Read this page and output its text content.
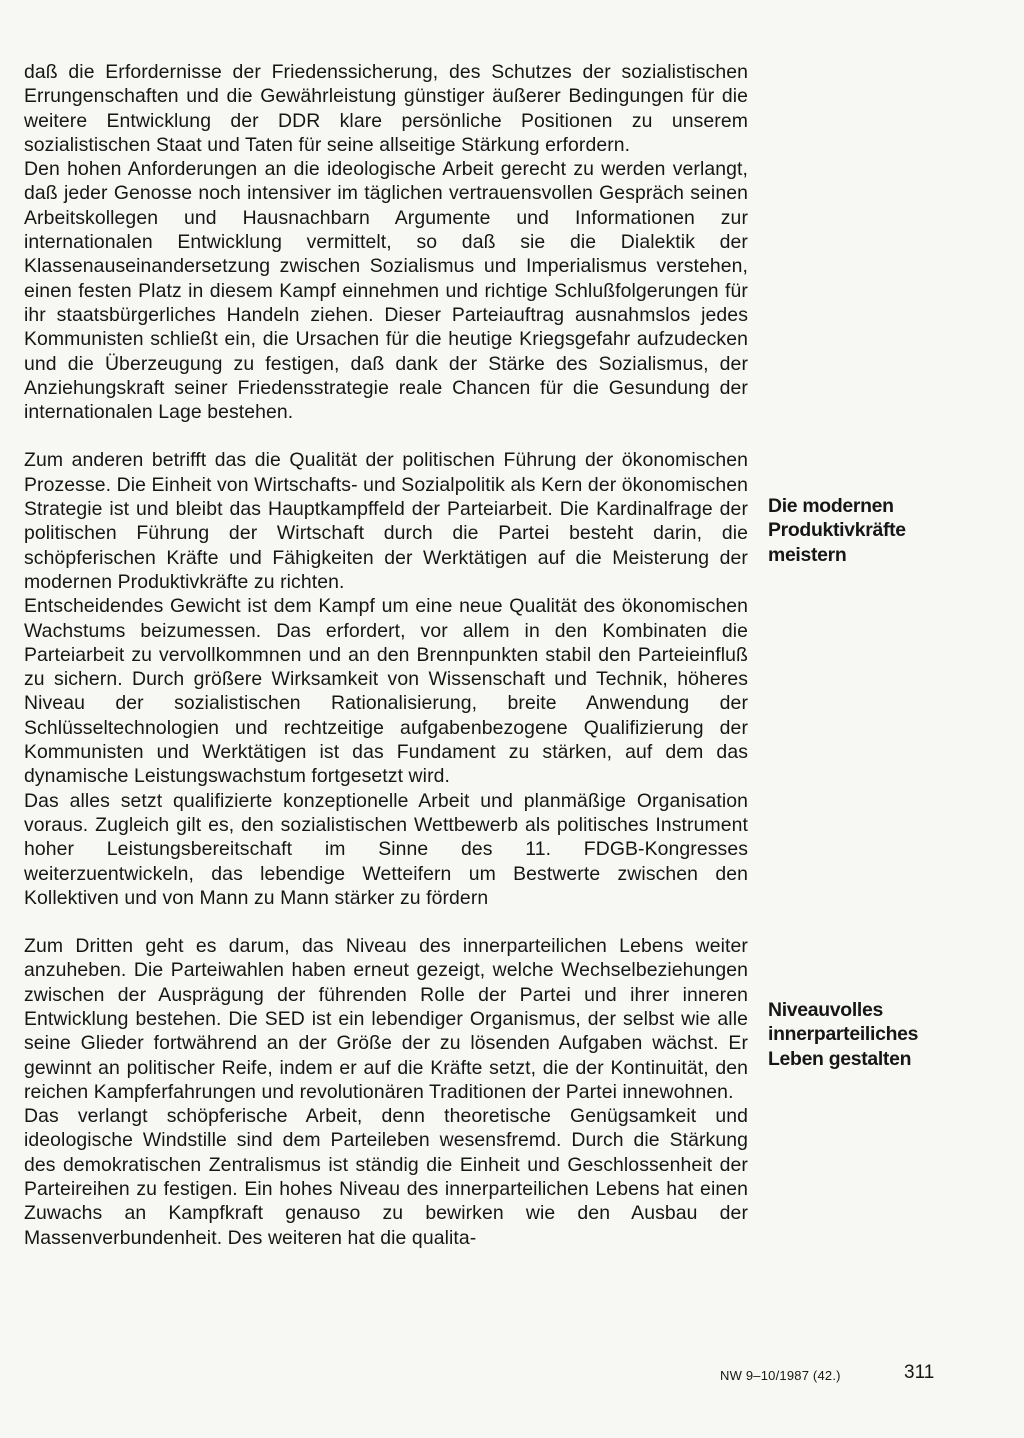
daß die Erfordernisse der Friedenssicherung, des Schutzes der sozialistischen Errungenschaften und die Gewährleistung günstiger äußerer Bedingungen für die weitere Entwicklung der DDR klare persönliche Positionen zu unserem sozialistischen Staat und Taten für seine allseitige Stärkung erfordern.

Den hohen Anforderungen an die ideologische Arbeit gerecht zu werden verlangt, daß jeder Genosse noch intensiver im täglichen vertrauensvollen Gespräch seinen Arbeitskollegen und Hausnachbarn Argumente und Informationen zur internationalen Entwicklung vermittelt, so daß sie die Dialektik der Klassenauseinandersetzung zwischen Sozialismus und Imperialismus verstehen, einen festen Platz in diesem Kampf einnehmen und richtige Schlußfolgerungen für ihr staatsbürgerliches Handeln ziehen. Dieser Parteiauftrag ausnahmslos jedes Kommunisten schließt ein, die Ursachen für die heutige Kriegsgefahr aufzudecken und die Überzeugung zu festigen, daß dank der Stärke des Sozialismus, der Anziehungskraft seiner Friedensstrategie reale Chancen für die Gesundung der internationalen Lage bestehen.

Zum anderen betrifft das die Qualität der politischen Führung der ökonomischen Prozesse. Die Einheit von Wirtschafts- und Sozialpolitik als Kern der ökonomischen Strategie ist und bleibt das Hauptkampffeld der Parteiarbeit. Die Kardinalfrage der politischen Führung der Wirtschaft durch die Partei besteht darin, die schöpferischen Kräfte und Fähigkeiten der Werktätigen auf die Meisterung der modernen Produktivkräfte zu richten.

Entscheidendes Gewicht ist dem Kampf um eine neue Qualität des ökonomischen Wachstums beizumessen. Das erfordert, vor allem in den Kombinaten die Parteiarbeit zu vervollkommnen und an den Brennpunkten stabil den Parteieinfluß zu sichern. Durch größere Wirksamkeit von Wissenschaft und Technik, höheres Niveau der sozialistischen Rationalisierung, breite Anwendung der Schlüsseltechnologien und rechtzeitige aufgabenbezogene Qualifizierung der Kommunisten und Werktätigen ist das Fundament zu stärken, auf dem das dynamische Leistungswachstum fortgesetzt wird.

Das alles setzt qualifizierte konzeptionelle Arbeit und planmäßige Organisation voraus. Zugleich gilt es, den sozialistischen Wettbewerb als politisches Instrument hoher Leistungsbereitschaft im Sinne des 11. FDGB-Kongresses weiterzuentwickeln, das lebendige Wetteifern um Bestwerte zwischen den Kollektiven und von Mann zu Mann stärker zu fördern

Zum Dritten geht es darum, das Niveau des innerparteilichen Lebens weiter anzuheben. Die Parteiwahlen haben erneut gezeigt, welche Wechselbeziehungen zwischen der Ausprägung der führenden Rolle der Partei und ihrer inneren Entwicklung bestehen. Die SED ist ein lebendiger Organismus, der selbst wie alle seine Glieder fortwährend an der Größe der zu lösenden Aufgaben wächst. Er gewinnt an politischer Reife, indem er auf die Kräfte setzt, die der Kontinuität, den reichen Kampferfahrungen und revolutionären Traditionen der Partei innewohnen.

Das verlangt schöpferische Arbeit, denn theoretische Genügsamkeit und ideologische Windstille sind dem Parteileben wesensfremd. Durch die Stärkung des demokratischen Zentralismus ist ständig die Einheit und Geschlossenheit der Parteireihen zu festigen. Ein hohes Niveau des innerparteilichen Lebens hat einen Zuwachs an Kampfkraft genauso zu bewirken wie den Ausbau der Massenverbundenheit. Des weiteren hat die qualita-

Die modernen
Produktivkräfte
meistern
Niveauvolles
innerparteiliches
Leben gestalten
NW 9–10/1987 (42.)	311
